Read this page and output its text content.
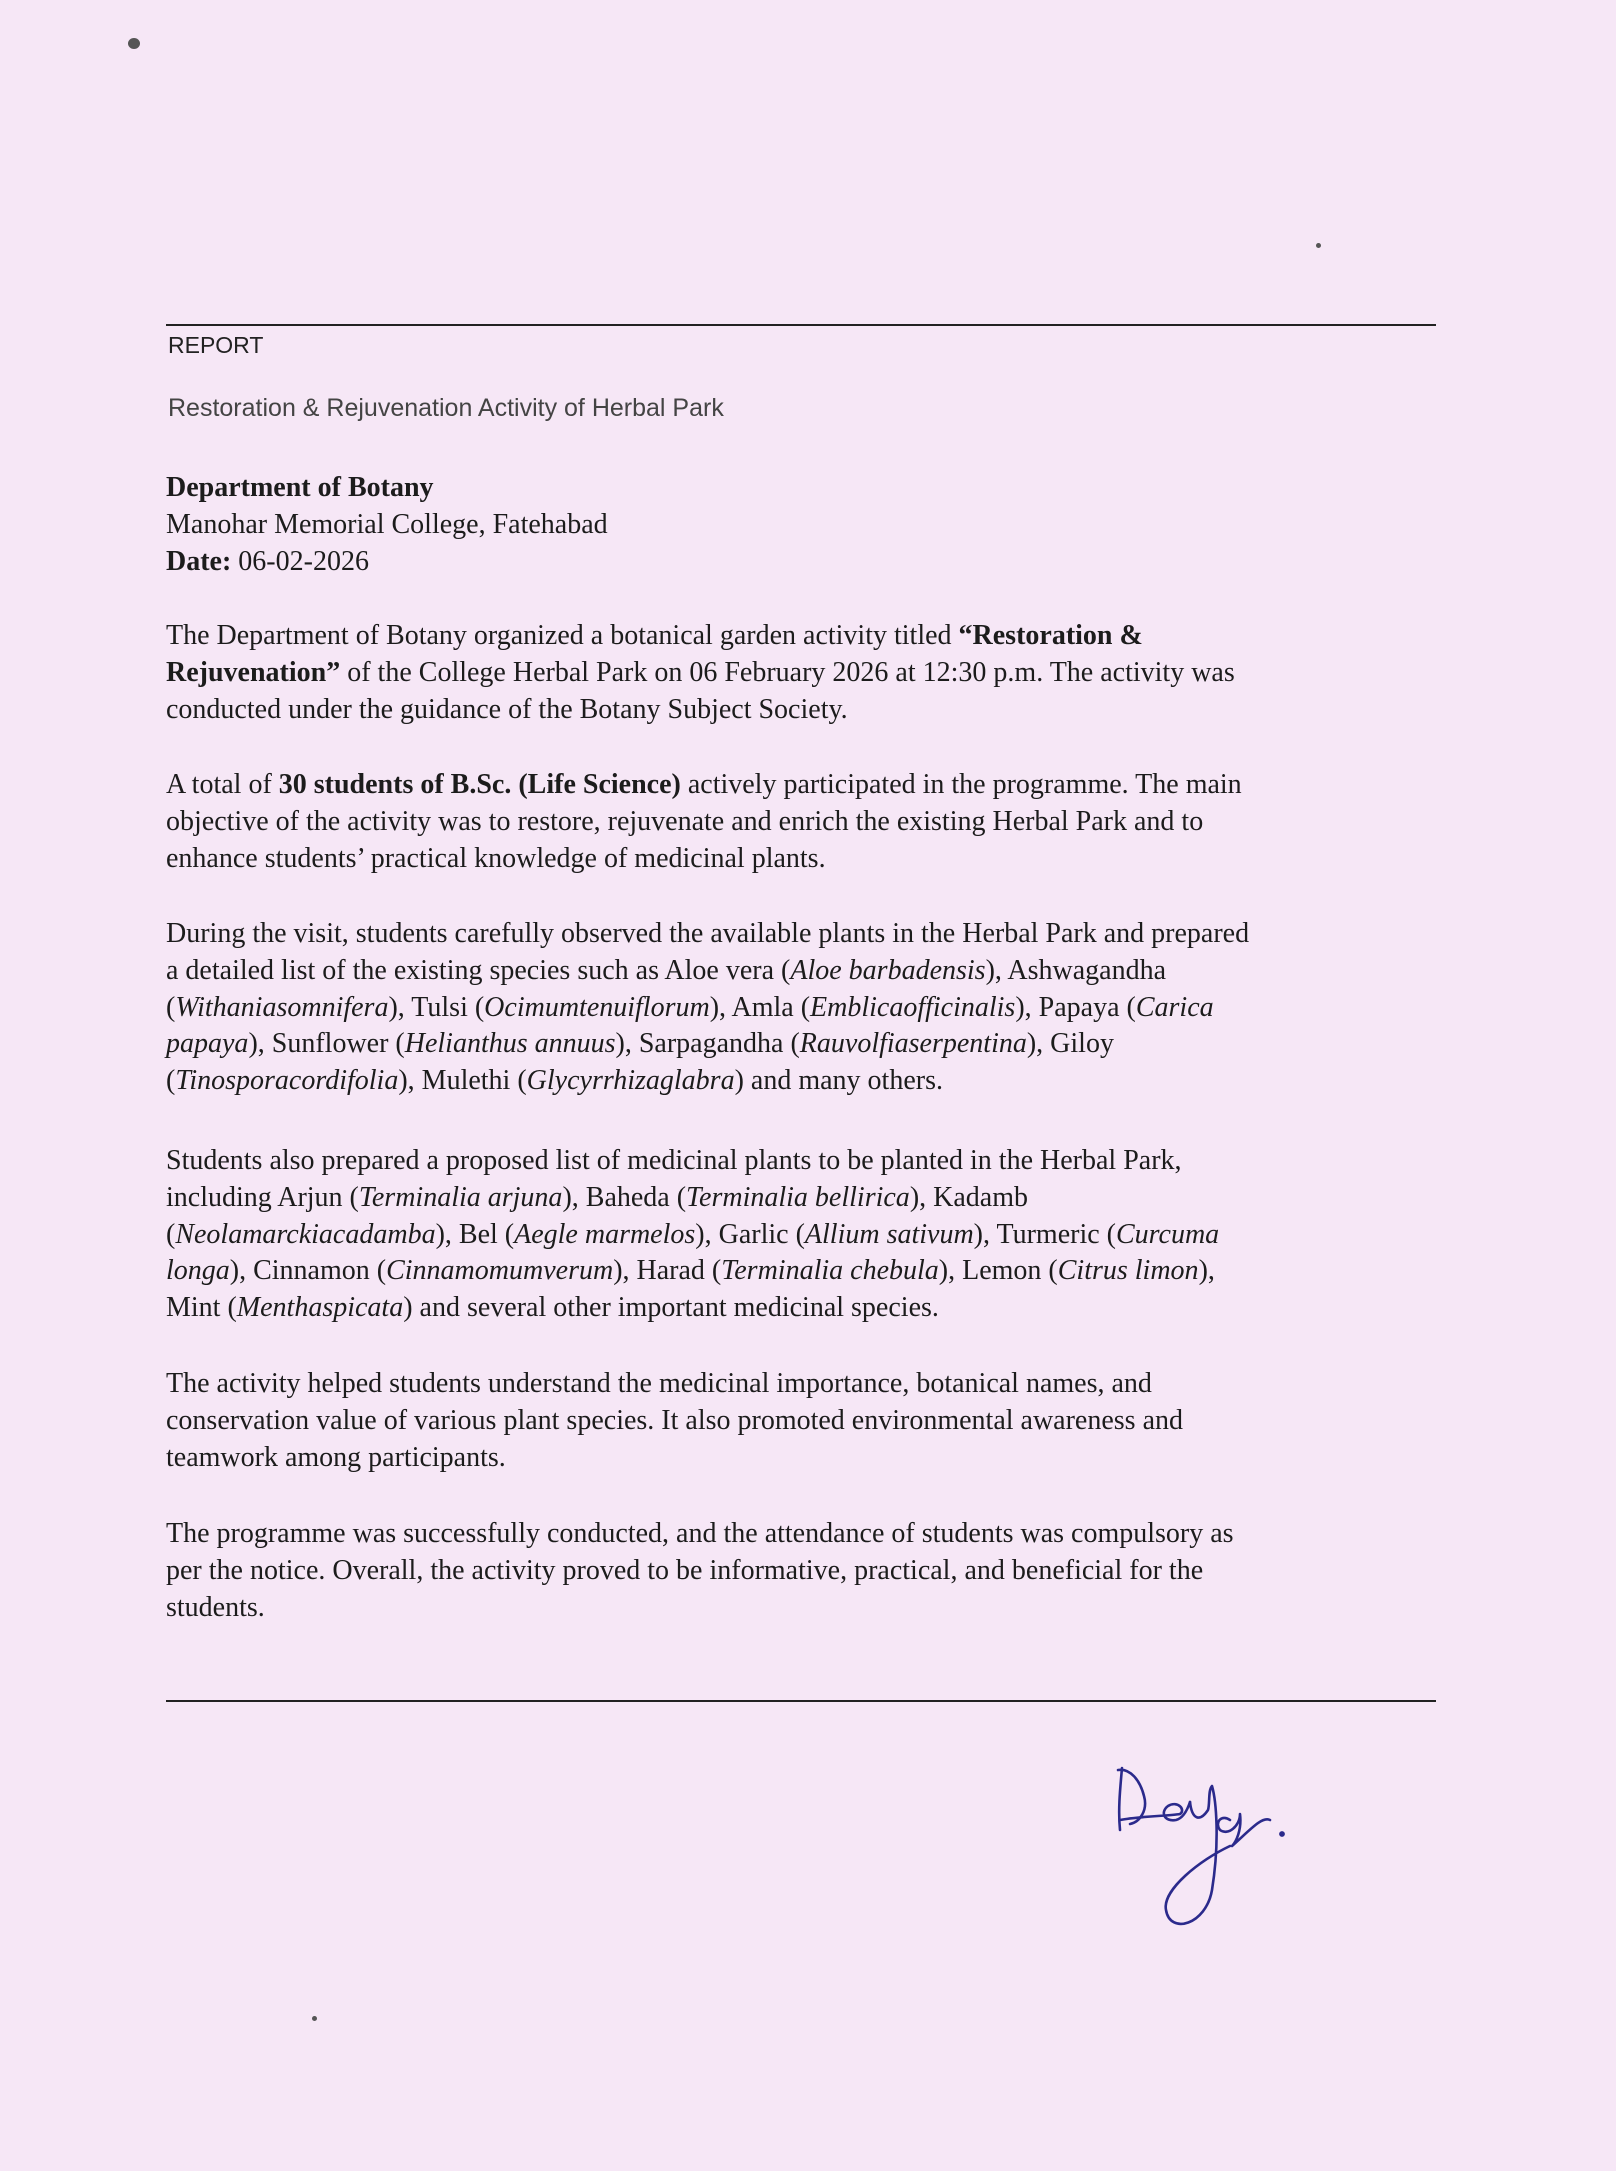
REPORT
Restoration & Rejuvenation Activity of Herbal Park
Department of Botany
Manohar Memorial College, Fatehabad
Date: 06-02-2026
The Department of Botany organized a botanical garden activity titled “Restoration &
Rejuvenation” of the College Herbal Park on 06 February 2026 at 12:30 p.m. The activity was
conducted under the guidance of the Botany Subject Society.
A total of 30 students of B.Sc. (Life Science) actively participated in the programme. The main
objective of the activity was to restore, rejuvenate and enrich the existing Herbal Park and to
enhance students’ practical knowledge of medicinal plants.
During the visit, students carefully observed the available plants in the Herbal Park and prepared
a detailed list of the existing species such as Aloe vera (Aloe barbadensis), Ashwagandha
(Withaniasomnifera), Tulsi (Ocimumtenuiflorum), Amla (Emblicaofficinalis), Papaya (Carica
papaya), Sunflower (Helianthus annuus), Sarpagandha (Rauvolfiaserpentina), Giloy
(Tinosporacordifolia), Mulethi (Glycyrrhizaglabra) and many others.
Students also prepared a proposed list of medicinal plants to be planted in the Herbal Park,
including Arjun (Terminalia arjuna), Baheda (Terminalia bellirica), Kadamb
(Neolamarckiacadamba), Bel (Aegle marmelos), Garlic (Allium sativum), Turmeric (Curcuma
longa), Cinnamon (Cinnamomumverum), Harad (Terminalia chebula), Lemon (Citrus limon),
Mint (Menthaspicata) and several other important medicinal species.
The activity helped students understand the medicinal importance, botanical names, and
conservation value of various plant species. It also promoted environmental awareness and
teamwork among participants.
The programme was successfully conducted, and the attendance of students was compulsory as
per the notice. Overall, the activity proved to be informative, practical, and beneficial for the
students.
